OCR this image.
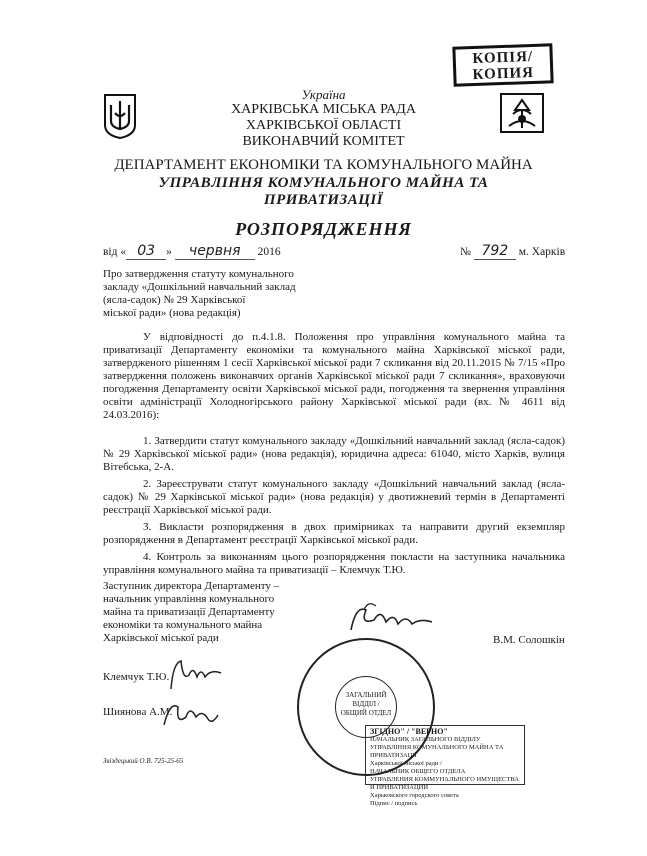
КОПІЯ/
КОПИЯ
Україна
ХАРКІВСЬКА МІСЬКА РАДА
ХАРКІВСЬКОЇ ОБЛАСТІ
ВИКОНАВЧИЙ КОМІТЕТ
ДЕПАРТАМЕНТ ЕКОНОМІКИ ТА КОМУНАЛЬНОГО МАЙНА
УПРАВЛІННЯ КОМУНАЛЬНОГО МАЙНА ТА
ПРИВАТИЗАЦІЇ
РОЗПОРЯДЖЕННЯ
від « 03 » червня 2016	№ 792 м. Харків
Про затвердження статуту комунального
закладу «Дошкільний навчальний заклад
(ясла-садок) № 29 Харківської
міської ради» (нова редакція)

У відповідності до п.4.1.8. Положення про управління комунального майна та приватизації Департаменту економіки та комунального майна Харківської міської ради, затвердженого рішенням 1 сесії Харківської міської ради 7 скликання від 20.11.2015 № 7/15 «Про затвердження положень виконавчих органів Харківської міської ради 7 скликання», враховуючи погодження Департаменту освіти Харківської міської ради, погодження та звернення управління освіти адміністрації Холодногірського району Харківської міської ради (вх. № 4611 від 24.03.2016):

1. Затвердити статут комунального закладу «Дошкільний навчальний заклад (ясла-садок) № 29 Харківської міської ради» (нова редакція), юридична адреса: 61040, місто Харків, вулиця Вітебська, 2-А.

2. Зареєструвати статут комунального закладу «Дошкільний навчальний заклад (ясла-садок) № 29 Харківської міської ради» (нова редакція) у двотижневий термін в Департаменті реєстрації Харківської міської ради.

3. Викласти розпорядження в двох примірниках та направити другий екземпляр розпорядження в Департамент реєстрації Харківської міської ради.

4. Контроль за виконанням цього розпорядження покласти на заступника начальника управління комунального майна та приватизації – Клемчук Т.Ю.

Заступник директора Департаменту –
начальник управління комунального
майна та приватизації Департаменту
економіки та комунального майна
Харківської міської ради	В.М. Солошкін
Клемчук Т.Ю.
Шиянова А.М.
Звіздецький О.В. 725-25-65
ЗАГАЛЬНИЙ
ВІДДІЛ /
ОБЩИЙ ОТДЕЛ
ЗГІДНО" / "ВЕРНО"
НАЧАЛЬНИК ЗАГАЛЬНОГО ВІДДІЛУ
УПРАВЛІННЯ КОМУНАЛЬНОГО МАЙНА ТА ПРИВАТИЗАЦІЇ
Харківської міської ради /
НАЧАЛЬНИК ОБЩЕГО ОТДЕЛА
УПРАВЛЕНИЯ КОММУНАЛЬНОГО ИМУЩЕСТВА И ПРИВАТИЗАЦИИ
Харьковского городского совета
Підпис / подпись
